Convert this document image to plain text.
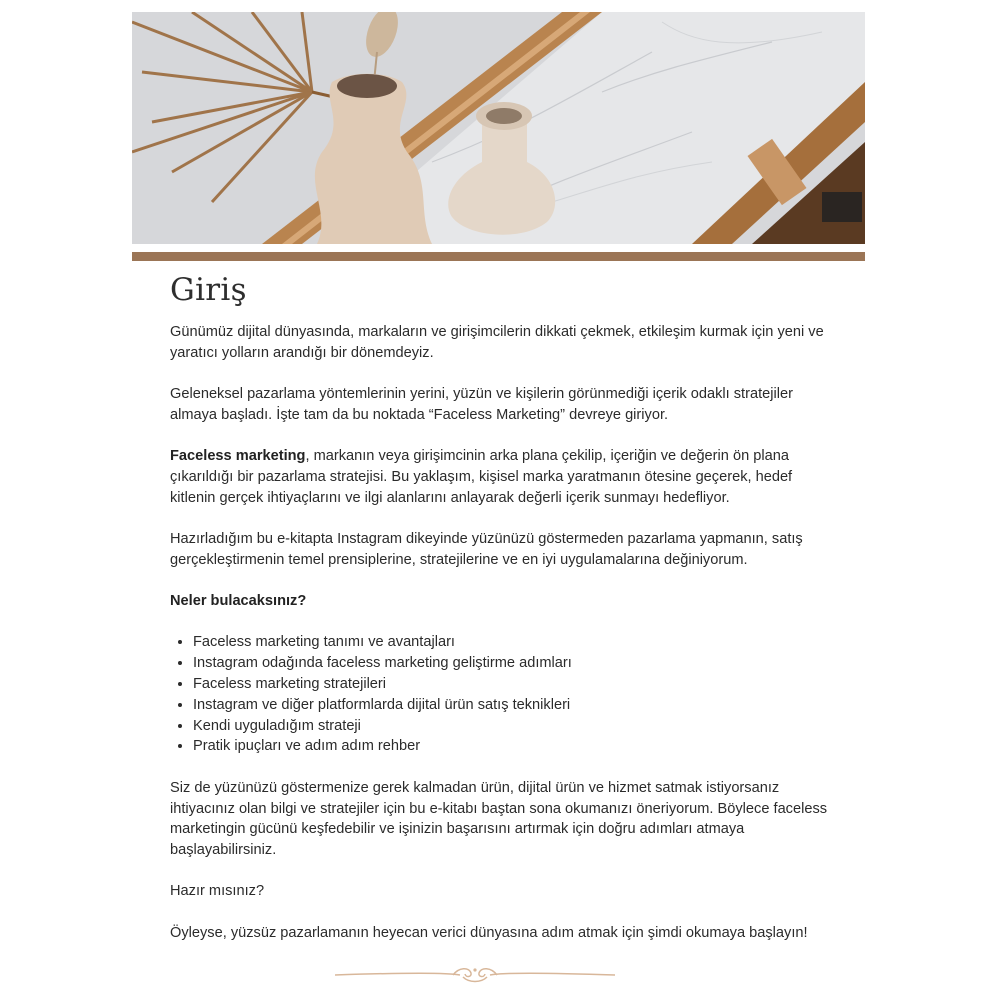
Giriş

Günümüz dijital dünyasında, markaların ve girişimcilerin dikkati çekmek, etkileşim kurmak için yeni ve yaratıcı yolların arandığı bir dönemdeyiz.

Geleneksel pazarlama yöntemlerinin yerini, yüzün ve kişilerin görünmediği içerik odaklı stratejiler almaya başladı. İşte tam da bu noktada “Faceless Marketing” devreye giriyor.

Faceless marketing, markanın veya girişimcinin arka plana çekilip, içeriğin ve değerin ön plana çıkarıldığı bir pazarlama stratejisi. Bu yaklaşım, kişisel marka yaratmanın ötesine geçerek, hedef kitlenin gerçek ihtiyaçlarını ve ilgi alanlarını anlayarak değerli içerik sunmayı hedefliyor.

Hazırladığım bu e-kitapta Instagram dikeyinde yüzünüzü göstermeden pazarlama yapmanın, satış gerçekleştirmenin temel prensiplerine, stratejilerine ve en iyi uygulamalarına değiniyorum.

Neler bulacaksınız?

• Faceless marketing tanımı ve avantajları
• Instagram odağında faceless marketing geliştirme adımları
• Faceless marketing stratejileri
• Instagram ve diğer platformlarda dijital ürün satış teknikleri
• Kendi uyguladığım strateji
• Pratik ipuçları ve adım adım rehber

Siz de yüzünüzü göstermenize gerek kalmadan ürün, dijital ürün ve hizmet satmak istiyorsanız ihtiyacınız olan bilgi ve stratejiler için bu e-kitabı baştan sona okumanızı öneriyorum. Böylece faceless marketingin gücünü keşfedebilir ve işinizin başarısını artırmak için doğru adımları atmaya başlayabilirsiniz.

Hazır mısınız?

Öyleyse, yüzsüz pazarlamanın heyecan verici dünyasına adım atmak için şimdi okumaya başlayın!
